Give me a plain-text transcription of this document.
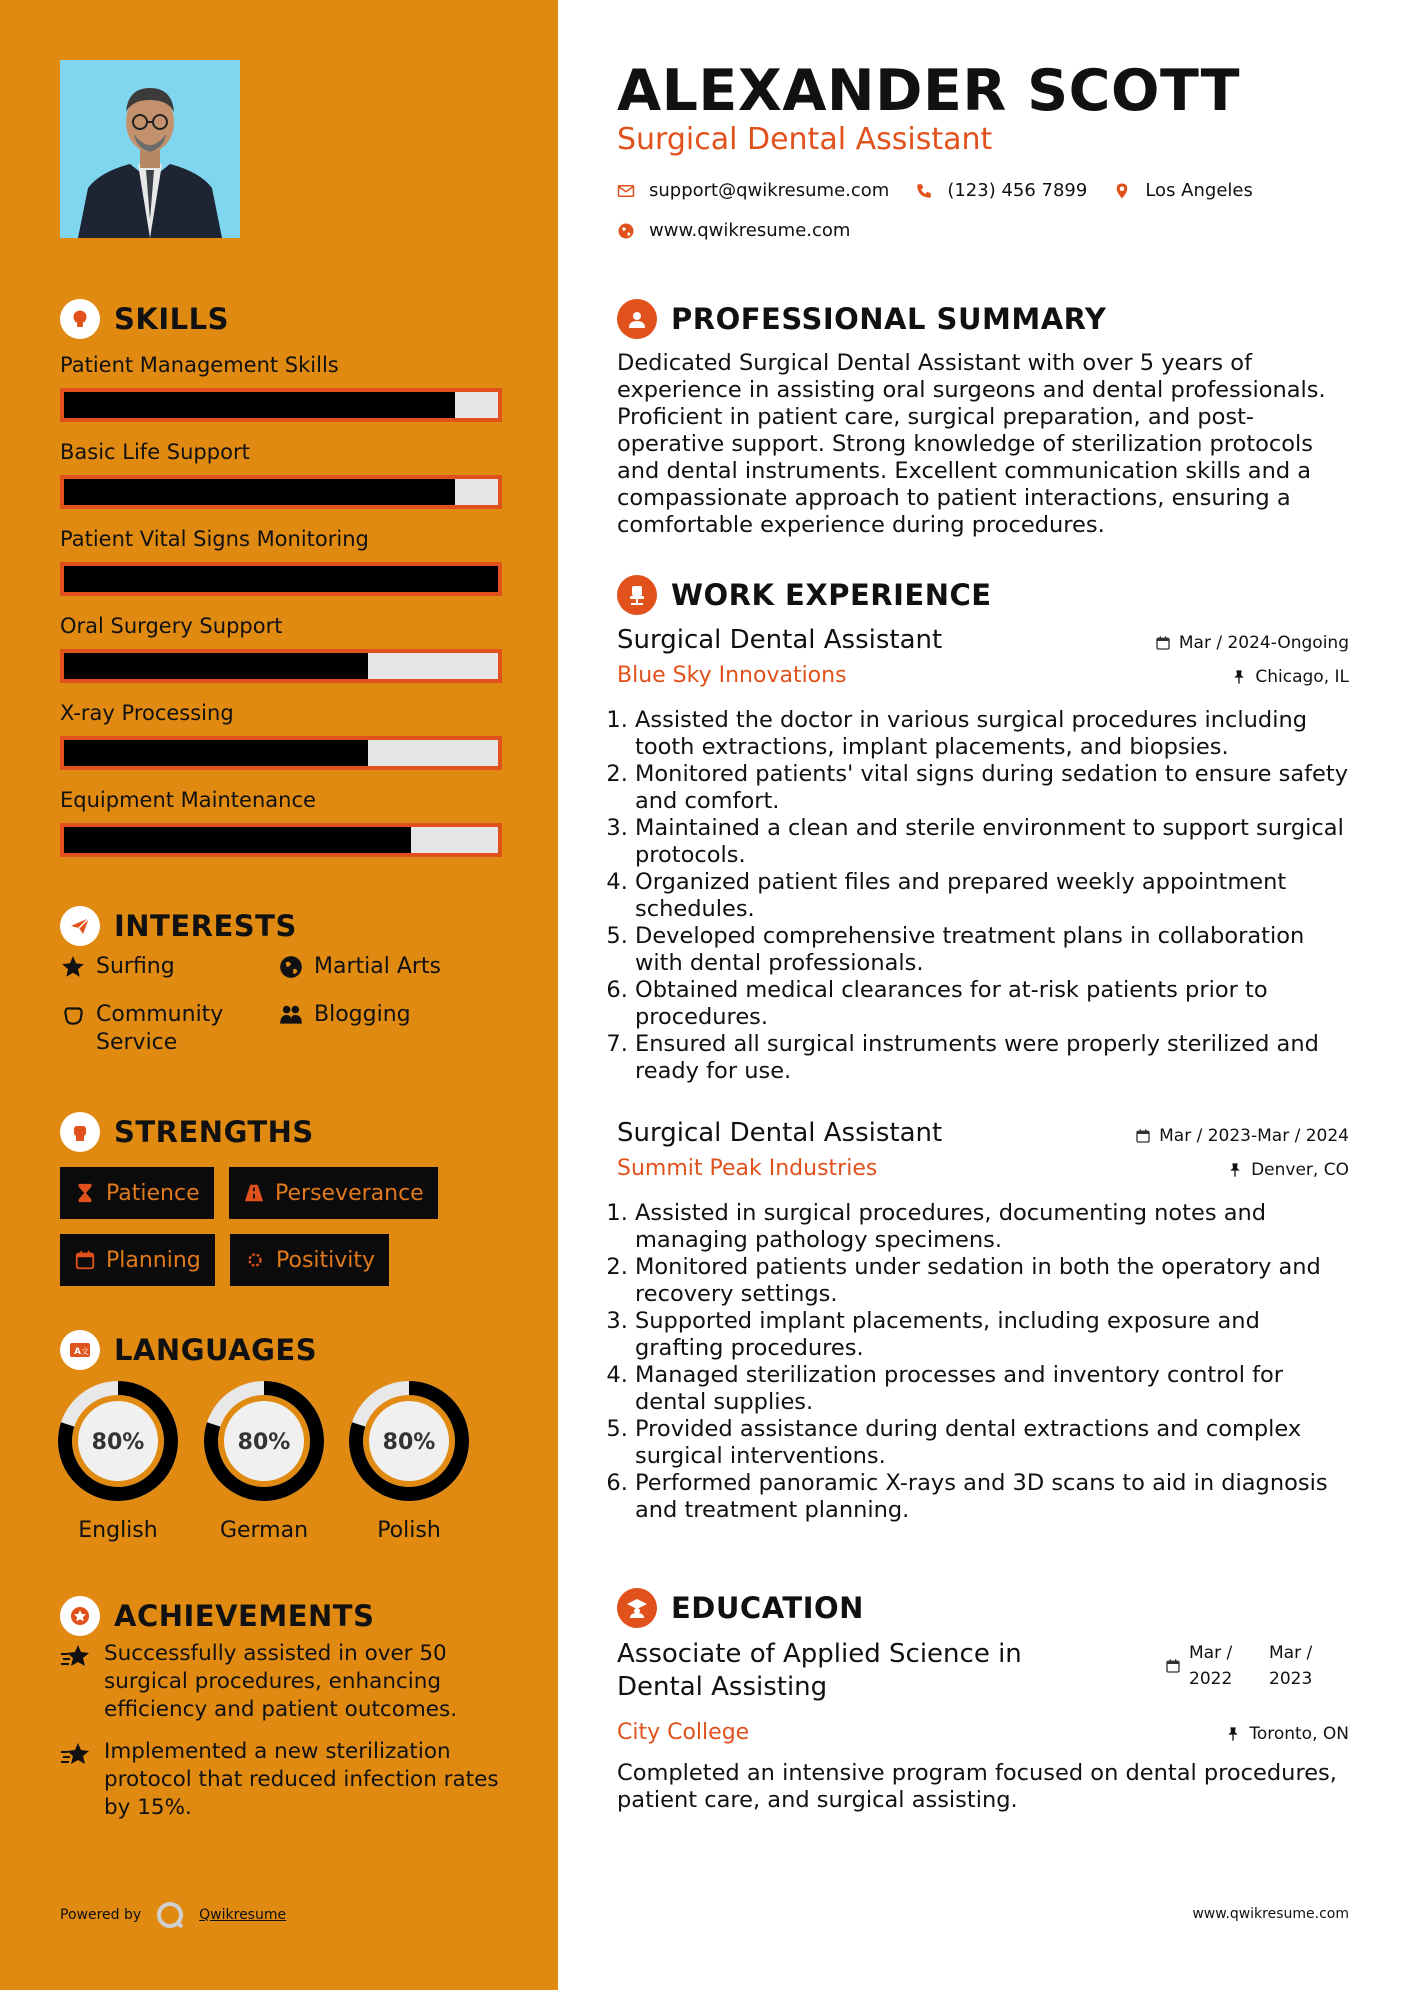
SKILLS
Patient Management Skills
Basic Life Support
Patient Vital Signs Monitoring
Oral Surgery Support
X-ray Processing
Equipment Maintenance
INTERESTS
Surfing	Martial Arts
Community Service
Blogging
STRENGTHS
Patience	Perseverance
Planning	Positivity
A 文 LANGUAGES
80%
English
80%
German
80%
Polish
ACHIEVEMENTS

Successfully assisted in over 50 surgical procedures, enhancing efficiency and patient outcomes.

Implemented a new sterilization protocol that reduced infection rates by 15%.

Powered by	Qwikresume
ALEXANDER SCOTT
Surgical Dental Assistant
support@qwikresume.com	(123) 456 7899	Los Angeles
www.qwikresume.com
PROFESSIONAL SUMMARY
Dedicated Surgical Dental Assistant with over 5 years of experience in assisting oral surgeons and dental professionals. Proficient in patient care, surgical preparation, and post-operative support. Strong knowledge of sterilization protocols and dental instruments. Excellent communication skills and a compassionate approach to patient interactions, ensuring a comfortable experience during procedures.
WORK EXPERIENCE
Surgical Dental Assistant	Mar / 2024-Ongoing
Blue Sky Innovations	Chicago, IL
1. Assisted the doctor in various surgical procedures including tooth extractions, implant placements, and biopsies.
2. Monitored patients' vital signs during sedation to ensure safety and comfort.
3. Maintained a clean and sterile environment to support surgical protocols.
4. Organized patient files and prepared weekly appointment schedules.
5. Developed comprehensive treatment plans in collaboration with dental professionals.
6. Obtained medical clearances for at-risk patients prior to procedures.
7. Ensured all surgical instruments were properly sterilized and ready for use.
Surgical Dental Assistant	Mar / 2023-Mar / 2024
Summit Peak Industries	Denver, CO
1. Assisted in surgical procedures, documenting notes and managing pathology specimens.
2. Monitored patients under sedation in both the operatory and recovery settings.
3. Supported implant placements, including exposure and grafting procedures.
4. Managed sterilization processes and inventory control for dental supplies.
5. Provided assistance during dental extractions and complex surgical interventions.
6. Performed panoramic X-rays and 3D scans to aid in diagnosis and treatment planning.
EDUCATION
Associate of Applied Science in Dental Assisting
Mar / 2022
Mar / 2023
City College	Toronto, ON
Completed an intensive program focused on dental procedures, patient care, and surgical assisting.
www.qwikresume.com
